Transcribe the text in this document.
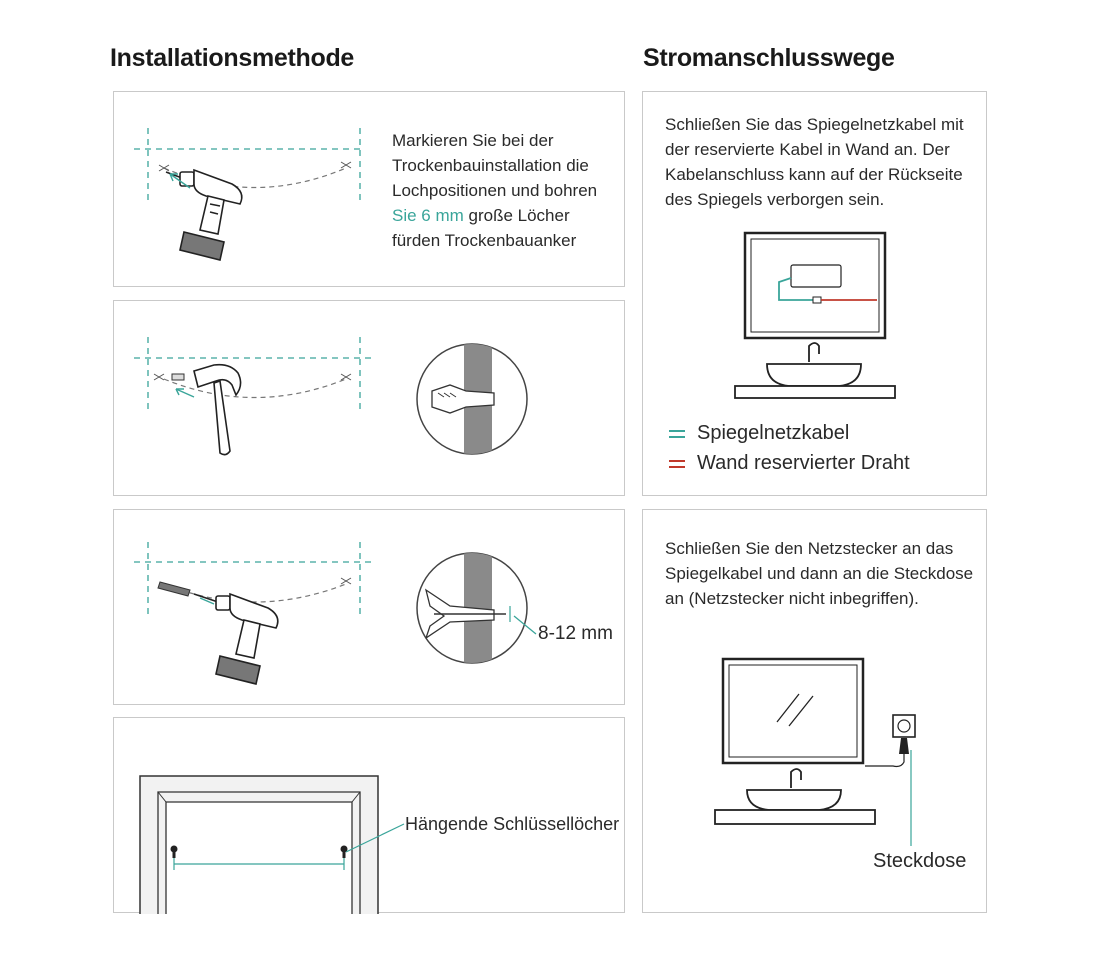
Installationsmethode	Stromanschlusswege
Markieren Sie bei der
Trockenbauinstallation die
Lochpositionen und bohren
Sie 6 mm große Löcher
fürden Trockenbauanker
8-12 mm
Hängende Schlüssellöcher
Schließen Sie das Spiegelnetzkabel mit
der reservierte Kabel in Wand an. Der
Kabelanschluss kann auf der Rückseite
des Spiegels verborgen sein.
Spiegelnetzkabel
Wand reservierter Draht
Schließen Sie den Netzstecker an das
Spiegelkabel und dann an die Steckdose
an (Netzstecker nicht inbegriffen).
Steckdose
